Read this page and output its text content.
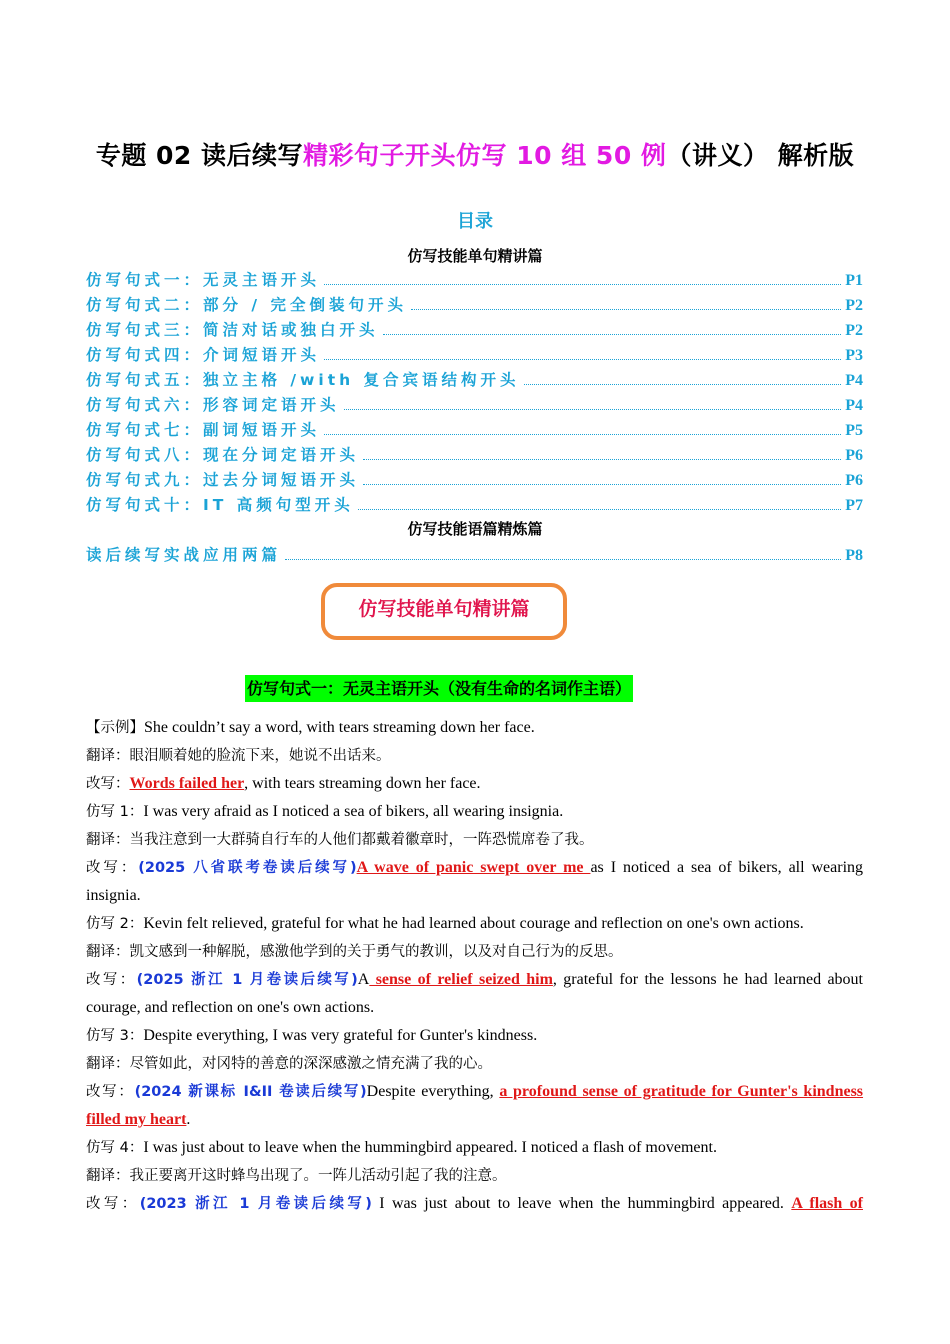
专题 02 读后续写精彩句子开头仿写 10 组 50 例（讲义） 解析版
目录
仿写技能单句精讲篇
仿写句式一：无灵主语开头	P1
仿写句式二：部分 / 完全倒装句开头	P2
仿写句式三：简洁对话或独白开头	P2
仿写句式四：介词短语开头	P3
仿写句式五：独立主格 /with 复合宾语结构开头	P4
仿写句式六：形容词定语开头	P4
仿写句式七：副词短语开头	P5
仿写句式八：现在分词定语开头	P6
仿写句式九：过去分词短语开头	P6
仿写句式十：IT 高频句型开头	P7
仿写技能语篇精炼篇
读后续写实战应用两篇	P8
仿写技能单句精讲篇
仿写句式一：无灵主语开头（没有生命的名词作主语）
【示例】She couldn’t say a word, with tears streaming down her face.
翻译：眼泪顺着她的脸流下来，她说不出话来。
改写：Words failed her, with tears streaming down her face.
仿写 1：I was very afraid as I noticed a sea of bikers, all wearing insignia.
翻译：当我注意到一大群骑自行车的人他们都戴着徽章时，一阵恐慌席卷了我。
改写：(2025 八省联考卷读后续写)A wave of panic swept over me as I noticed a sea of bikers, all wearing
insignia.
仿写 2：Kevin felt relieved, grateful for what he had learned about courage and reflection on one's own actions.
翻译：凯文感到一种解脱，感激他学到的关于勇气的教训，以及对自己行为的反思。
改写：(2025 浙江 1 月卷读后续写)A sense of relief seized him, grateful for the lessons he had learned about
courage, and reflection on one's own actions.
仿写 3：Despite everything, I was very grateful for Gunter's kindness.
翻译：尽管如此，对冈特的善意的深深感激之情充满了我的心。
改写：(2024 新课标 I&II 卷读后续写)Despite everything, a profound sense of gratitude for Gunter's kindness
filled my heart.
仿写 4：I was just about to leave when the hummingbird appeared. I noticed a flash of movement.
翻译：我正要离开这时蜂鸟出现了。一阵儿活动引起了我的注意。
改写：(2023 浙江 1 月卷读后续写) I was just about to leave when the hummingbird appeared. A flash of
